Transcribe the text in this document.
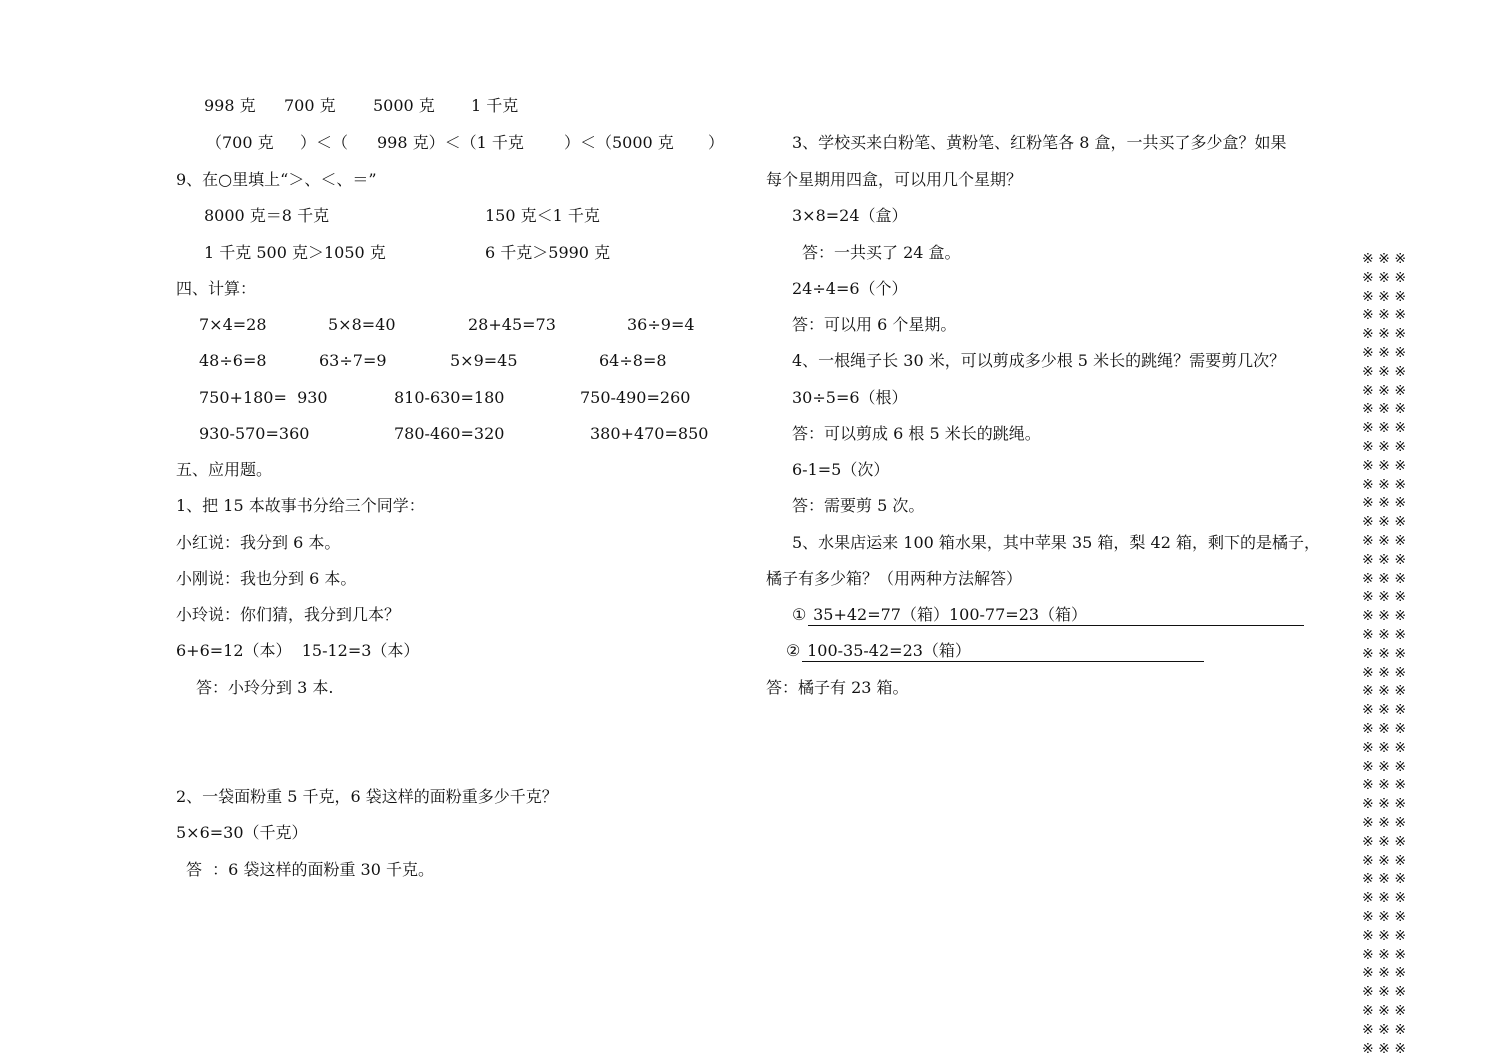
998 克 700 克 5000 克 1 千克
（700 克 ）＜（ 998 克）＜（1 千克	）＜（5000 克 ）
9、在○里填上“＞、＜、＝”
8000 克＝8 千克	150 克＜1 千克
1 千克 500 克＞1050 克	6 千克＞5990 克
四、计算：
7×4=28	5×8=40	28+45=73	36÷9=4
48÷6=8	63÷7=9	5×9=45	64÷8=8
750+180=  930	810-630=180	750-490=260
930-570=360	780-460=320	380+470=850
五、应用题。
1、把 15 本故事书分给三个同学：
小红说：我分到 6 本。
小刚说：我也分到 6 本。
小玲说：你们猜，我分到几本？
6+6=12（本）  15-12=3（本）
答：小玲分到 3 本.
2、一袋面粉重 5 千克，6 袋这样的面粉重多少千克？
5×6=30（千克）
答  ：6 袋这样的面粉重 30 千克。
3、学校买来白粉笔、黄粉笔、红粉笔各 8 盒，一共买了多少盒？如果
每个星期用四盒，可以用几个星期？
3×8=24（盒）
答：一共买了 24 盒。
24÷4=6（个）
答：可以用 6 个星期。
4、一根绳子长 30 米，可以剪成多少根 5 米长的跳绳？需要剪几次？
30÷5=6（根）
答：可以剪成 6 根 5 米长的跳绳。
6-1=5（次）
答：需要剪 5 次。
5、水果店运来 100 箱水果，其中苹果 35 箱，梨 42 箱，剩下的是橘子，
橘子有多少箱？（用两种方法解答）
① 35+42=77（箱）100-77=23（箱）
② 100-35-42=23（箱）
答：橘子有 23 箱。
※ ※ ※
※ ※ ※
※ ※ ※
※ ※ ※
※ ※ ※
※ ※ ※
※ ※ ※
※ ※ ※
※ ※ ※
※ ※ ※
※ ※ ※
※ ※ ※
※ ※ ※
※ ※ ※
※ ※ ※
※ ※ ※
※ ※ ※
※ ※ ※
※ ※ ※
※ ※ ※
※ ※ ※
※ ※ ※
※ ※ ※
※ ※ ※
※ ※ ※
※ ※ ※
※ ※ ※
※ ※ ※
※ ※ ※
※ ※ ※
※ ※ ※
※ ※ ※
※ ※ ※
※ ※ ※
※ ※ ※
※ ※ ※
※ ※ ※
※ ※ ※
※ ※ ※
※ ※ ※
※ ※ ※
※ ※ ※
※ ※ ※
